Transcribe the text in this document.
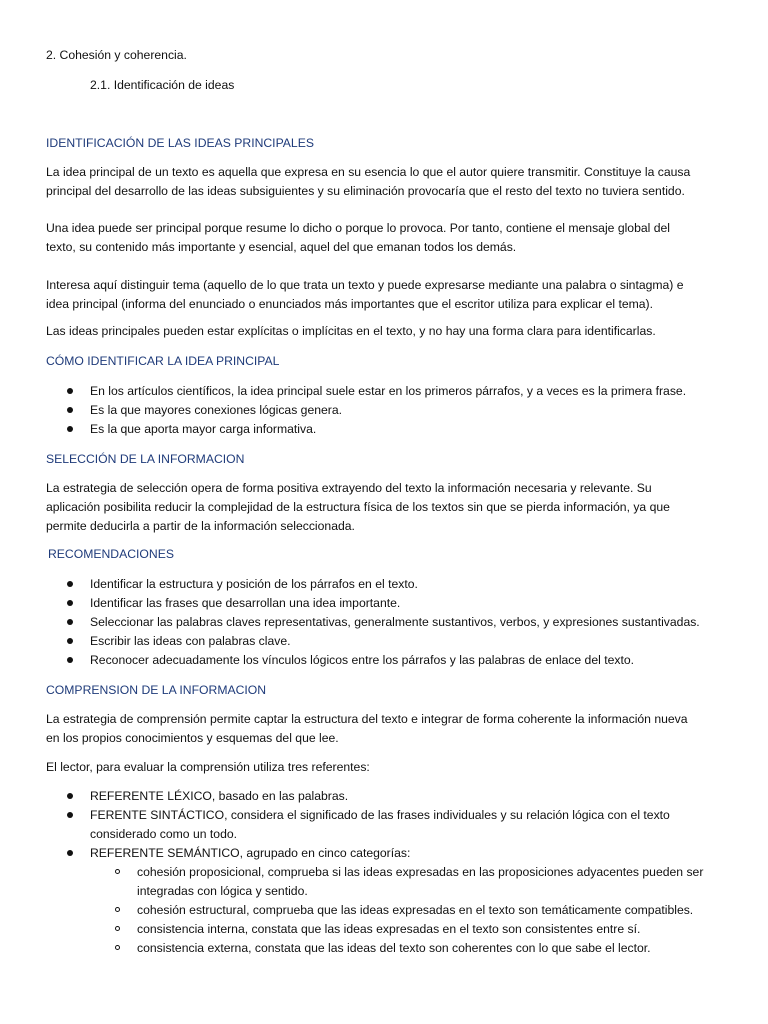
2. Cohesión y coherencia.
2.1. Identificación de ideas
IDENTIFICACIÓN DE LAS IDEAS PRINCIPALES
La idea principal de un texto es aquella que expresa en su esencia lo que el autor quiere transmitir. Constituye la causa
principal del desarrollo de las ideas subsiguientes y su eliminación provocaría que el resto del texto no tuviera sentido.
Una idea puede ser principal porque resume lo dicho o porque lo provoca. Por tanto, contiene el mensaje global del
texto, su contenido más importante y esencial, aquel del que emanan todos los demás.
Interesa aquí distinguir tema (aquello de lo que trata un texto y puede expresarse mediante una palabra o sintagma) e
idea principal (informa del enunciado o enunciados más importantes que el escritor utiliza para explicar el tema).
Las ideas principales pueden estar explícitas o implícitas en el texto, y no hay una forma clara para identificarlas.
CÓMO IDENTIFICAR LA IDEA PRINCIPAL
En los artículos científicos, la idea principal suele estar en los primeros párrafos, y a veces es la primera frase.
Es la que mayores conexiones lógicas genera.
Es la que aporta mayor carga informativa.
SELECCIÓN DE LA INFORMACION
La estrategia de selección opera de forma positiva extrayendo del texto la información necesaria y relevante. Su
aplicación posibilita reducir la complejidad de la estructura física de los textos sin que se pierda información, ya que
permite deducirla a partir de la información seleccionada.
RECOMENDACIONES
Identificar la estructura y posición de los párrafos en el texto.
Identificar las frases que desarrollan una idea importante.
Seleccionar las palabras claves representativas, generalmente sustantivos, verbos, y expresiones sustantivadas.
Escribir las ideas con palabras clave.
Reconocer adecuadamente los vínculos lógicos entre los párrafos y las palabras de enlace del texto.
COMPRENSION DE LA INFORMACION
La estrategia de comprensión permite captar la estructura del texto e integrar de forma coherente la información nueva
en los propios conocimientos y esquemas del que lee.
El lector, para evaluar la comprensión utiliza tres referentes:
REFERENTE LÉXICO, basado en las palabras.
FERENTE SINTÁCTICO, considera el significado de las frases individuales y su relación lógica con el texto
considerado como un todo.
REFERENTE SEMÁNTICO, agrupado en cinco categorías:
cohesión proposicional, comprueba si las ideas expresadas en las proposiciones adyacentes pueden ser
integradas con lógica y sentido.
cohesión estructural, comprueba que las ideas expresadas en el texto son temáticamente compatibles.
consistencia interna, constata que las ideas expresadas en el texto son consistentes entre sí.
consistencia externa, constata que las ideas del texto son coherentes con lo que sabe el lector.
